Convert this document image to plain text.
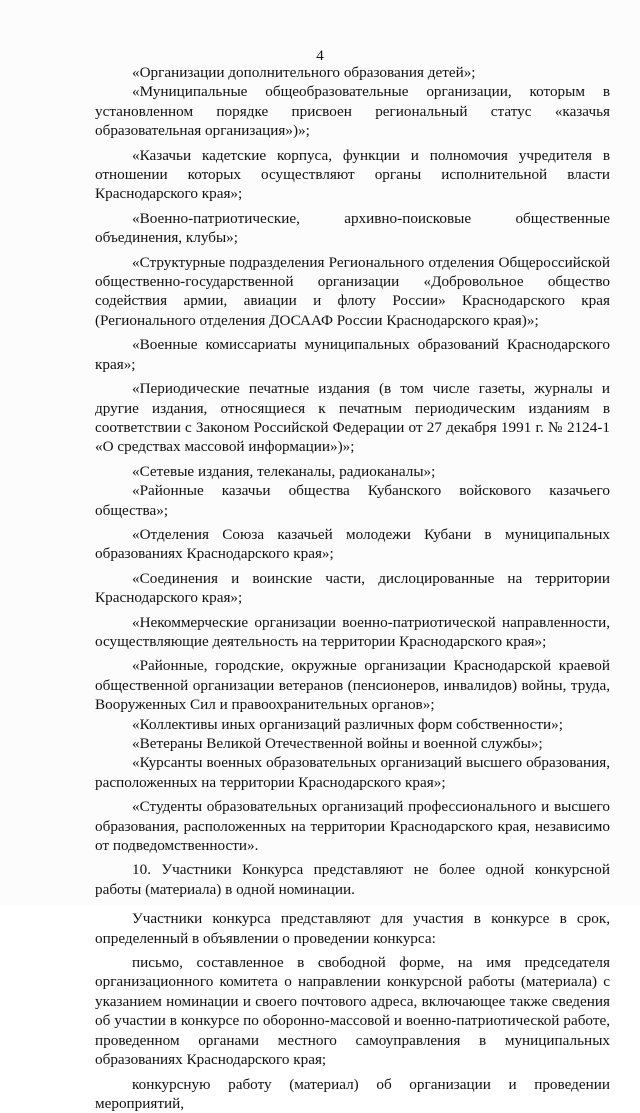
4

«Организации дополнительного образования детей»;

«Муниципальные общеобразовательные организации, которым в установленном порядке присвоен региональный статус «казачья образовательная организация»)»;

«Казачьи кадетские корпуса, функции и полномочия учредителя в отношении которых осуществляют органы исполнительной власти Краснодарского края»;

«Военно-патриотические, архивно-поисковые общественные объединения, клубы»;

«Структурные подразделения Регионального отделения Общероссийской общественно-государственной организации «Добровольное общество содействия армии, авиации и флоту России» Краснодарского края (Регионального отделения ДОСААФ России Краснодарского края)»;

«Военные комиссариаты муниципальных образований Краснодарского края»;

«Периодические печатные издания (в том числе газеты, журналы и другие издания, относящиеся к печатным периодическим изданиям в соответствии с Законом Российской Федерации от 27 декабря 1991 г. № 2124-1 «О средствах массовой информации»)»;

«Сетевые издания, телеканалы, радиоканалы»;

«Районные казачьи общества Кубанского войскового казачьего общества»;

«Отделения Союза казачьей молодежи Кубани в муниципальных образованиях Краснодарского края»;

«Соединения и воинские части, дислоцированные на территории Краснодарского края»;

«Некоммерческие организации военно-патриотической направленности, осуществляющие деятельность на территории Краснодарского края»;

«Районные, городские, окружные организации Краснодарской краевой общественной организации ветеранов (пенсионеров, инвалидов) войны, труда, Вооруженных Сил и правоохранительных органов»;

«Коллективы иных организаций различных форм собственности»;

«Ветераны Великой Отечественной войны и военной службы»;

«Курсанты военных образовательных организаций высшего образования, расположенных на территории Краснодарского края»;

«Студенты образовательных организаций профессионального и высшего образования, расположенных на территории Краснодарского края, независимо от подведомственности».

10. Участники Конкурса представляют не более одной конкурсной работы (материала) в одной номинации.

Участники конкурса представляют для участия в конкурсе в срок, определенный в объявлении о проведении конкурса:

письмо, составленное в свободной форме, на имя председателя организационного комитета о направлении конкурсной работы (материала) с указанием номинации и своего почтового адреса, включающее также сведения об участии в конкурсе по оборонно-массовой и военно-патриотической работе, проведенном органами местного самоуправления в муниципальных образованиях Краснодарского края;

конкурсную работу (материал) об организации и проведении мероприятий,
